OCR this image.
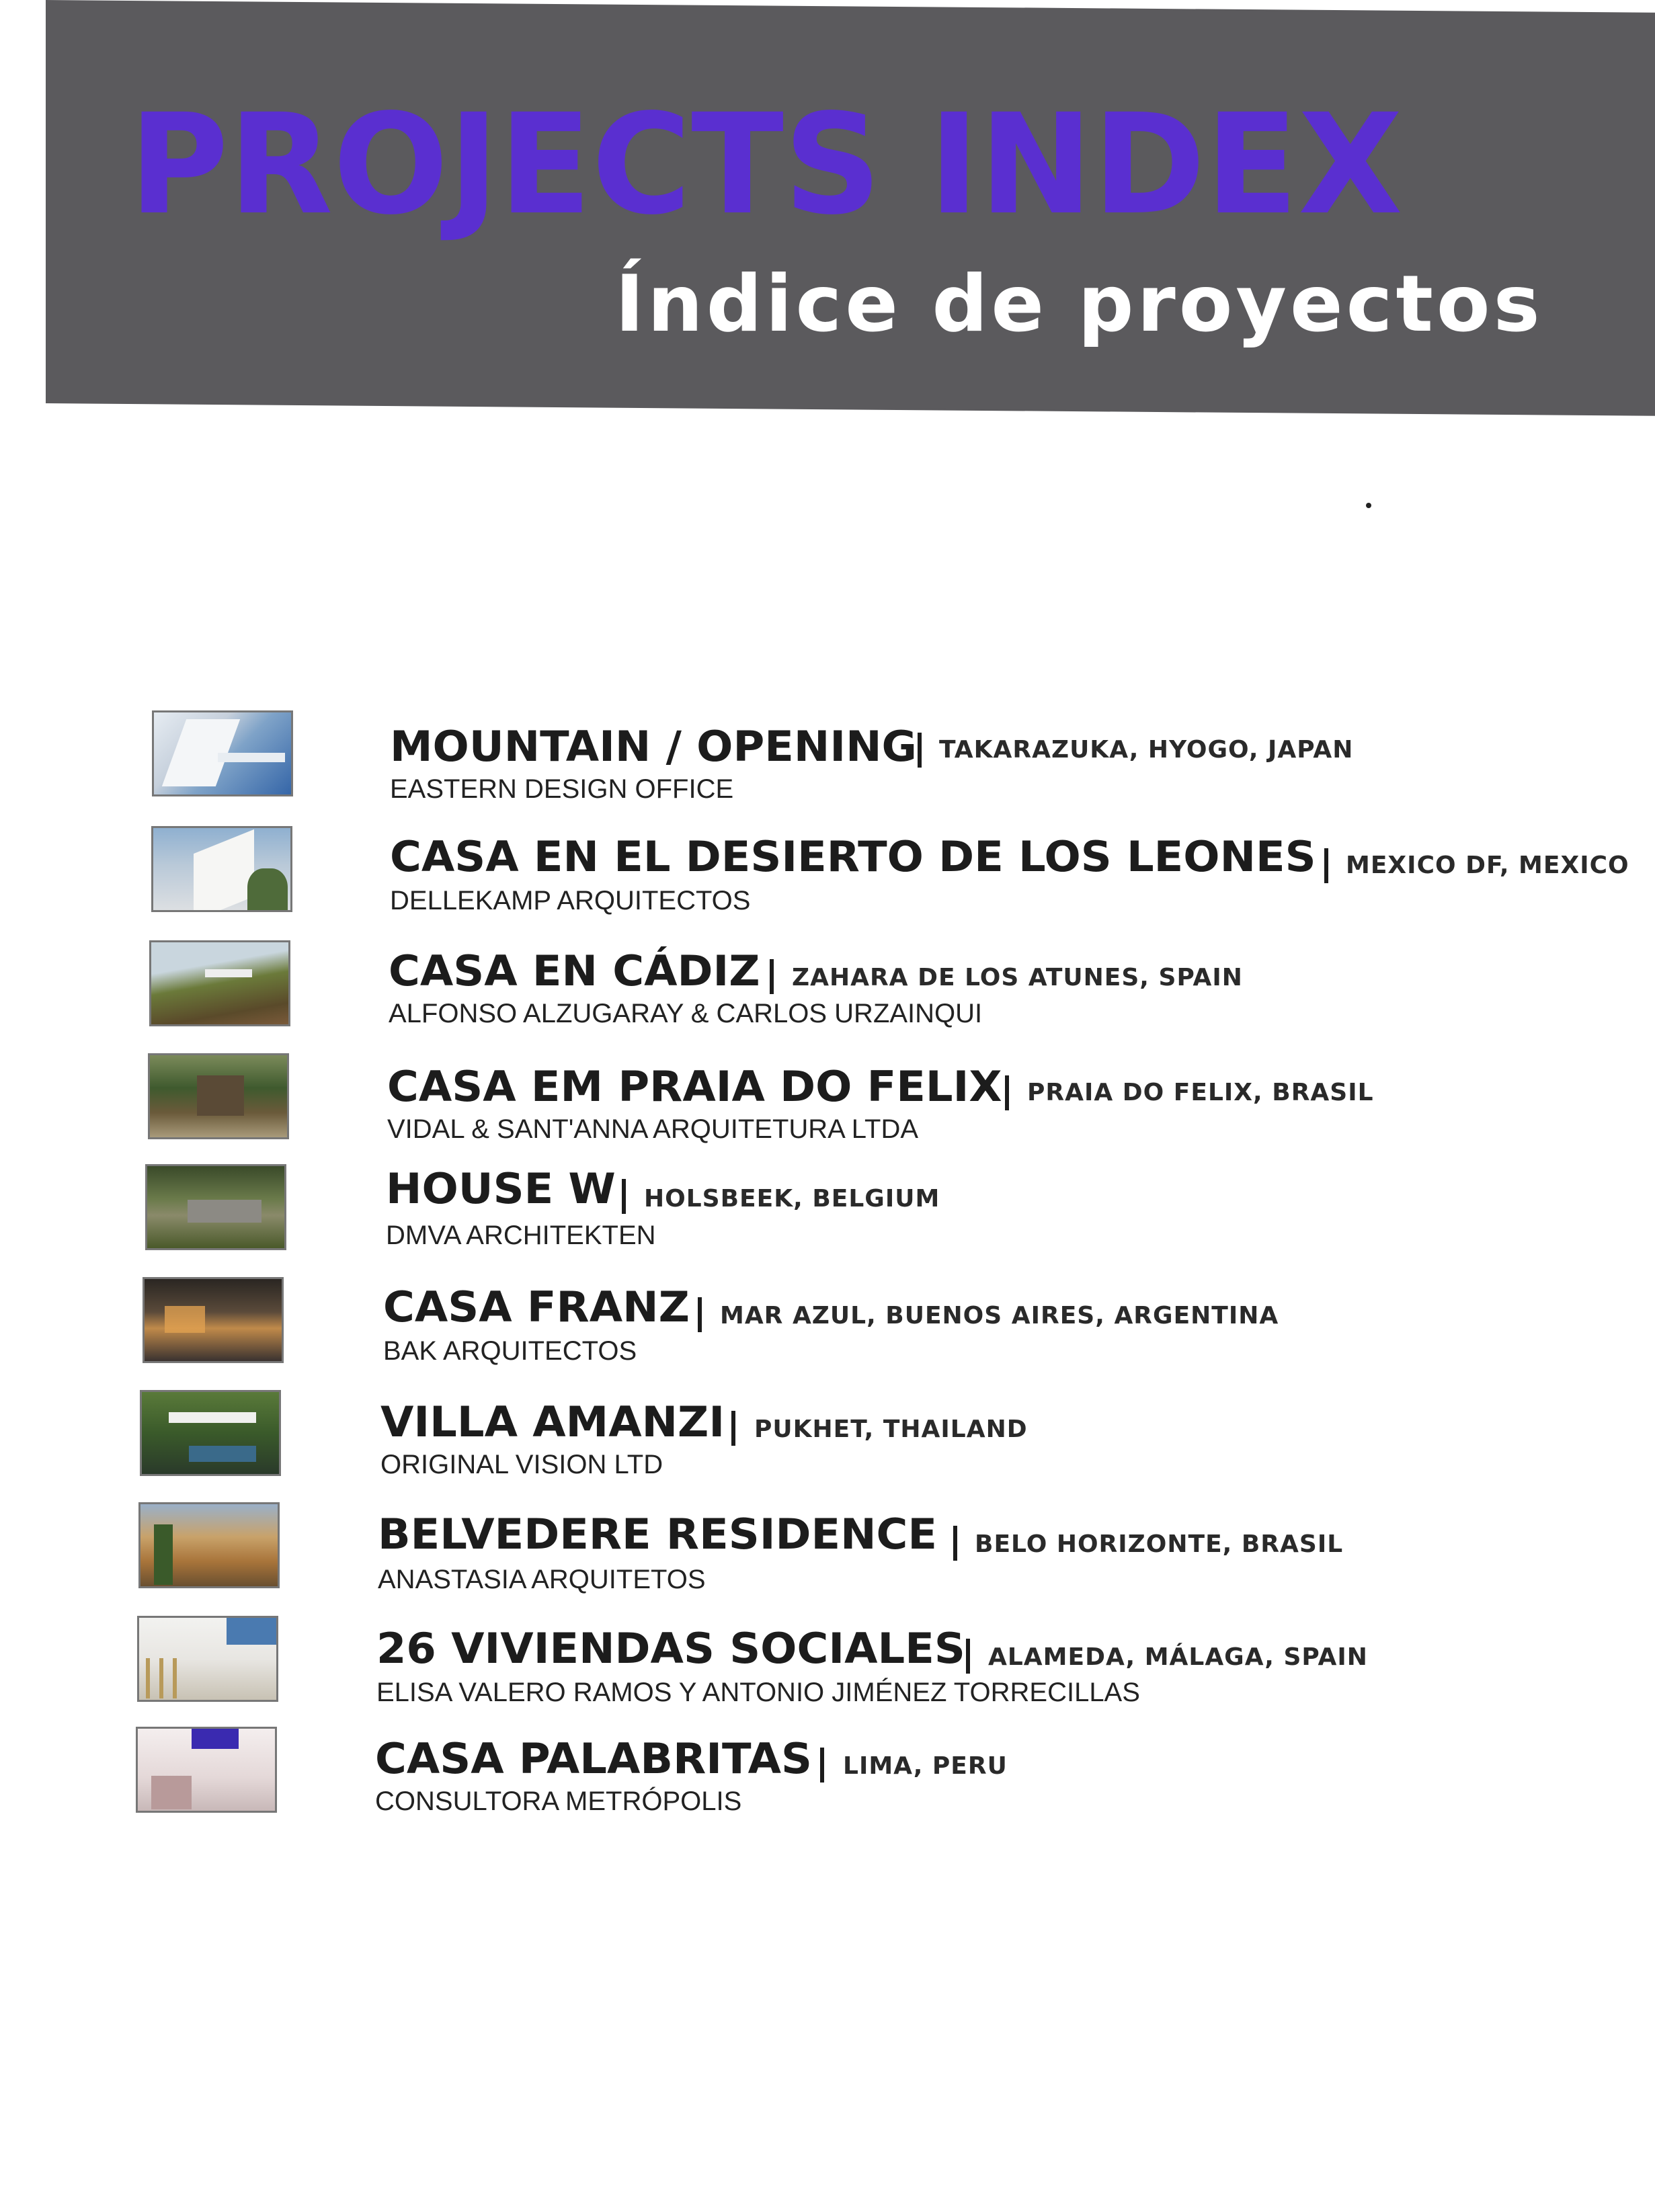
PROJECTS INDEX
Índice de proyectos
MOUNTAIN / OPENING TAKARAZUKA, HYOGO, JAPAN
EASTERN DESIGN OFFICE
CASA EN EL DESIERTO DE LOS LEONES MEXICO DF, MEXICO
DELLEKAMP ARQUITECTOS
CASA EN CÁDIZ ZAHARA DE LOS ATUNES, SPAIN
ALFONSO ALZUGARAY & CARLOS URZAINQUI
CASA EM PRAIA DO FELIX PRAIA DO FELIX, BRASIL
VIDAL & SANT'ANNA ARQUITETURA LTDA
HOUSE W HOLSBEEK, BELGIUM
DMVA ARCHITEKTEN
CASA FRANZ MAR AZUL, BUENOS AIRES, ARGENTINA
BAK ARQUITECTOS
VILLA AMANZI PUKHET, THAILAND
ORIGINAL VISION LTD
BELVEDERE RESIDENCE BELO HORIZONTE, BRASIL
ANASTASIA ARQUITETOS
26 VIVIENDAS SOCIALES ALAMEDA, MÁLAGA, SPAIN
ELISA VALERO RAMOS Y ANTONIO JIMÉNEZ TORRECILLAS
CASA PALABRITAS LIMA, PERU
CONSULTORA METRÓPOLIS
